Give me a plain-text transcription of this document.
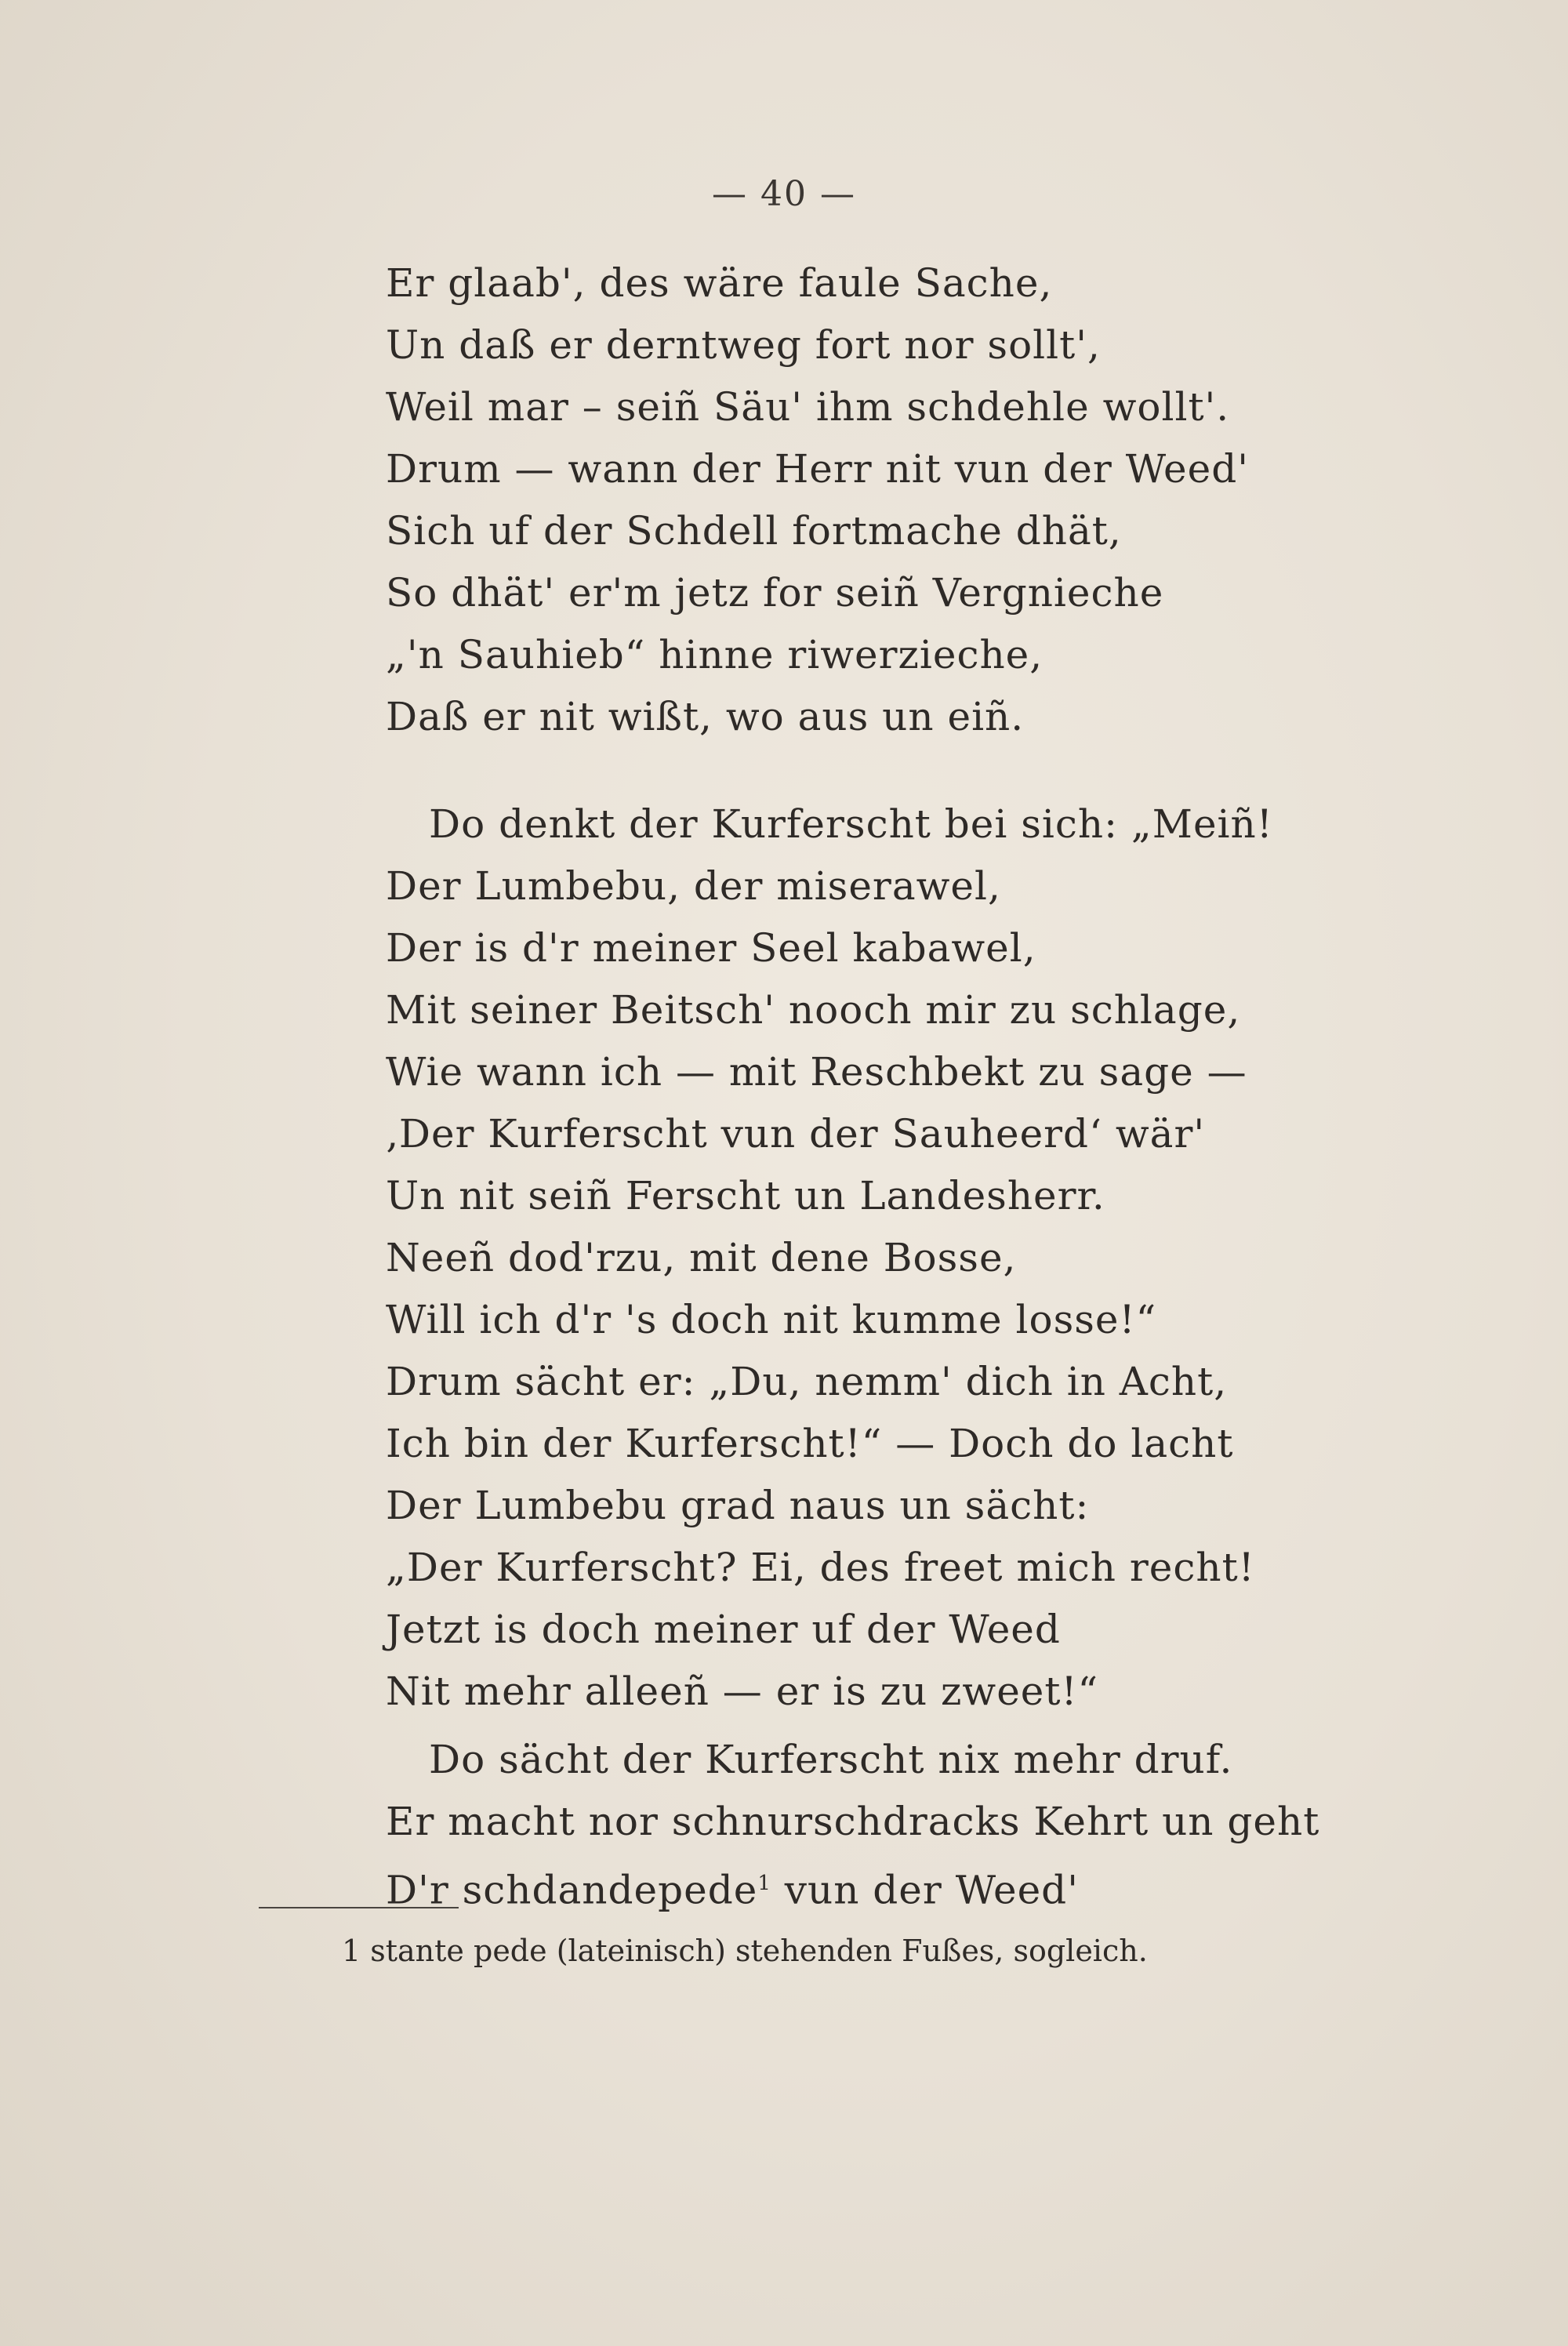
— 40 —
Er glaab', des wäre faule Sache,
Un daß er derntweg fort nor sollt',
Weil mar – seiñ Säu' ihm schdehle wollt'.
Drum — wann der Herr nit vun der Weed'
Sich uf der Schdell fortmache dhät,
So dhät' er'm jetz for seiñ Vergnieche
„'n Sauhieb“ hinne riwerzieche,
Daß er nit wißt, wo aus un eiñ.
Do denkt der Kurferscht bei sich: „Meiñ!
Der Lumbebu, der miserawel,
Der is d'r meiner Seel kabawel,
Mit seiner Beitsch' nooch mir zu schlage,
Wie wann ich — mit Reschbekt zu sage —
‚Der Kurferscht vun der Sauheerd‘ wär'
Un nit seiñ Ferscht un Landesherr.
Neeñ dod'rzu, mit dene Bosse,
Will ich d'r 's doch nit kumme losse!“
Drum sächt er: „Du, nemm' dich in Acht,
Ich bin der Kurferscht!“ — Doch do lacht
Der Lumbebu grad naus un sächt:
„Der Kurferscht? Ei, des freet mich recht!
Jetzt is doch meiner uf der Weed
Nit mehr alleeñ — er is zu zweet!“
Do sächt der Kurferscht nix mehr druf.
Er macht nor schnurschdracks Kehrt un geht
D'r schdandepede$^1$ vun der Weed'
1 stante pede (lateinisch) stehenden Fußes, sogleich.
